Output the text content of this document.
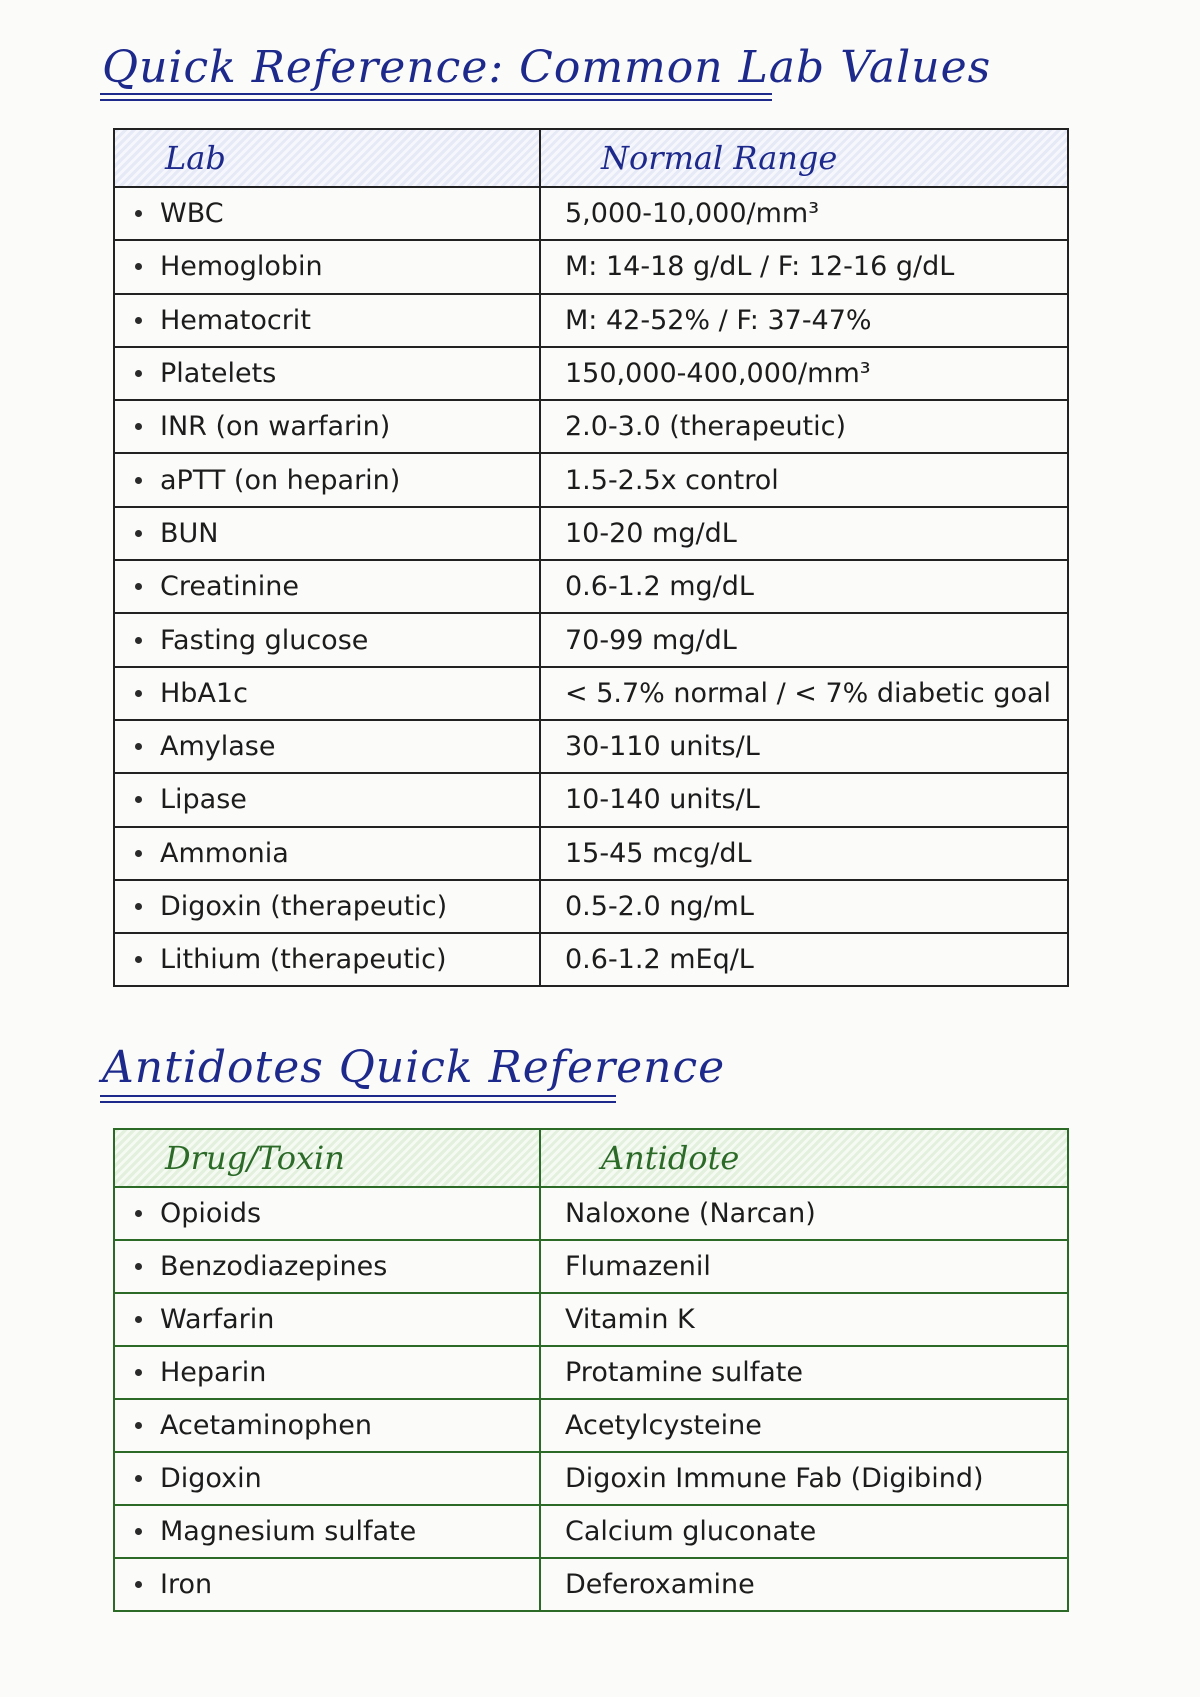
Quick Reference: Common Lab Values
Lab	Normal Range
WBC	5,000-10,000/mm³
Hemoglobin	M: 14-18 g/dL / F: 12-16 g/dL
Hematocrit	M: 42-52% / F: 37-47%
Platelets	150,000-400,000/mm³
INR (on warfarin)	2.0-3.0 (therapeutic)
aPTT (on heparin)	1.5-2.5x control
BUN	10-20 mg/dL
Creatinine	0.6-1.2 mg/dL
Fasting glucose	70-99 mg/dL
HbA1c	< 5.7% normal / < 7% diabetic goal
Amylase	30-110 units/L
Lipase	10-140 units/L
Ammonia	15-45 mcg/dL
Digoxin (therapeutic)	0.5-2.0 ng/mL
Lithium (therapeutic)	0.6-1.2 mEq/L
Antidotes Quick Reference
Drug/Toxin	Antidote
Opioids	Naloxone (Narcan)
Benzodiazepines	Flumazenil
Warfarin	Vitamin K
Heparin	Protamine sulfate
Acetaminophen	Acetylcysteine
Digoxin	Digoxin Immune Fab (Digibind)
Magnesium sulfate	Calcium gluconate
Iron	Deferoxamine
